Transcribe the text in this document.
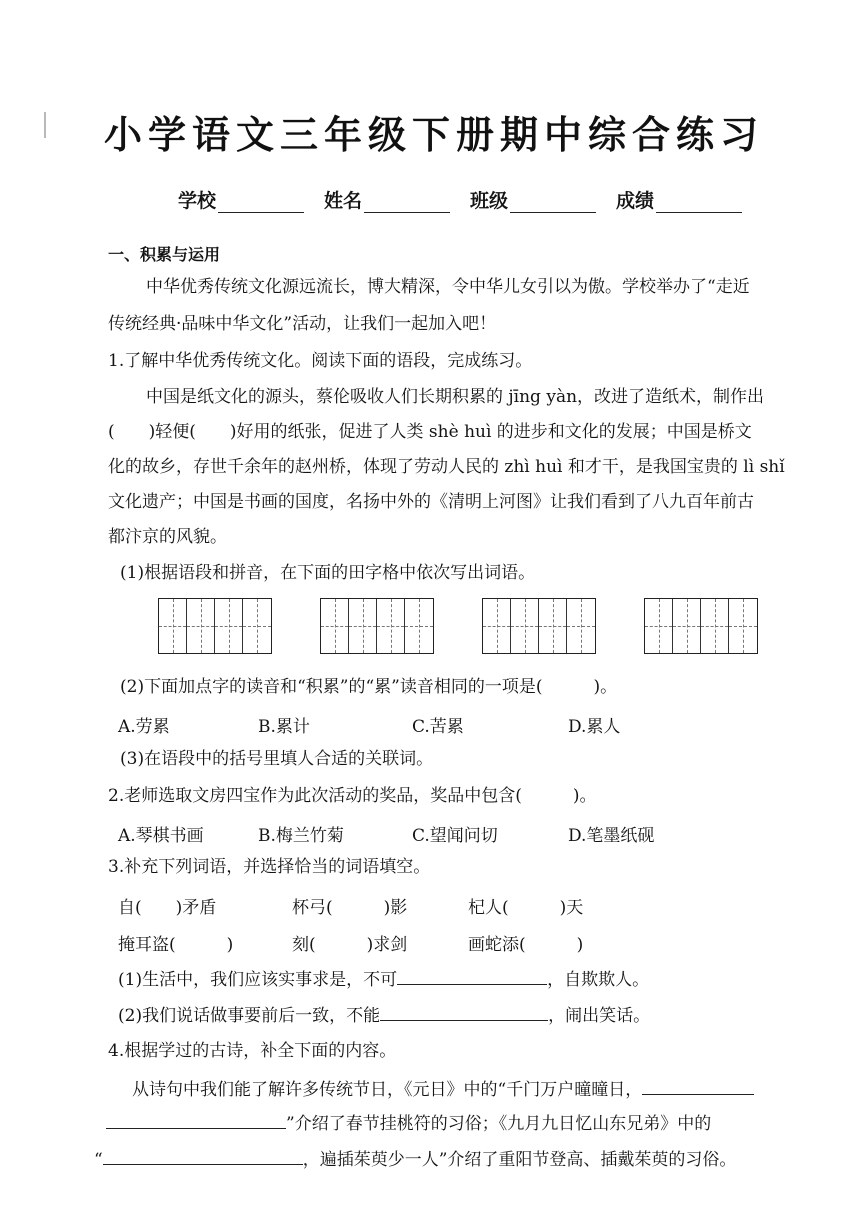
小学语文三年级下册期中综合练习
学校	姓名	班级	成绩
一、积累与运用
中华优秀传统文化源远流长，博大精深，令中华儿女引以为傲。学校举办了“走近
传统经典·品味中华文化”活动，让我们一起加入吧！
1.了解中华优秀传统文化。阅读下面的语段，完成练习。
中国是纸文化的源头，蔡伦吸收人们长期积累的 jīng yàn，改进了造纸术，制作出
(　　)轻便(　　)好用的纸张，促进了人类 shè huì 的进步和文化的发展；中国是桥文
化的故乡，存世千余年的赵州桥，体现了劳动人民的 zhì huì 和才干，是我国宝贵的 lì shǐ
文化遗产；中国是书画的国度，名扬中外的《清明上河图》让我们看到了八九百年前古
都汴京的风貌。
(1)根据语段和拼音，在下面的田字格中依次写出词语。
(2)下面加点字的读音和“积累”的“累”读音相同的一项是(　　　)。
A.劳累	B.累计	C.苦累	D.累人
(3)在语段中的括号里填人合适的关联词。
2.老师选取文房四宝作为此次活动的奖品，奖品中包含(　　　)。
A.琴棋书画	B.梅兰竹菊	C.望闻问切	D.笔墨纸砚
3.补充下列词语，并选择恰当的词语填空。
自(　　)矛盾	杯弓(　　　)影	杞人(　　　)天
掩耳盗(　　　)	刻(　　　)求剑	画蛇添(　　　)
(1)生活中，我们应该实事求是，不可	，自欺欺人。
(2)我们说话做事要前后一致，不能	，闹出笑话。
4.根据学过的古诗，补全下面的内容。
从诗句中我们能了解许多传统节日，《元日》中的“千门万户曈曈日，
”介绍了春节挂桃符的习俗；《九月九日忆山东兄弟》中的
“	，遍插茱萸少一人”介绍了重阳节登高、插戴茱萸的习俗。
